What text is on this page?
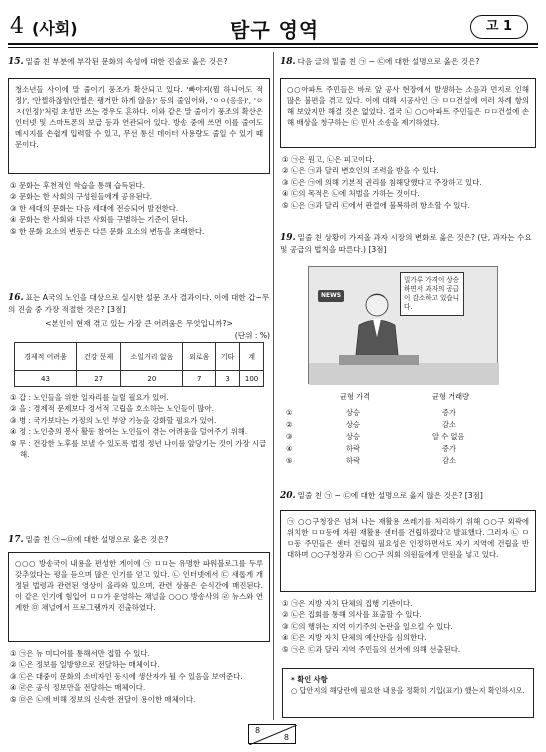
4 (사회)	탐구 영역	고 1
15. 밑줄 친 부분에 부각된 문화의 속성에 대한 진술로 옳은 것은?
청소년들 사이에 말 줄이기 풍조가 확산되고 있다. '빠야져(뭘 하니어도 적정)', '안쩔하잖함(안쩔은 팽거만 하게 않음)' 등의 줄임어와, 'ㅇㅇ(응응)', 'ㅇㅈ(인정)'처럼 초성만 쓰는 경우도 흔하다. 이와 같은 말 줄이기 풍조의 확산은 인터넷 및 스마트폰의 보급 등과 연관되어 있다. 방송 중에 쓰면 이를 줄여도 메시지를 손쉽게 입력할 수 있고, 무선 통신 데이터 사용량도 줄일 수 있기 때문이다.
① 문화는 후천적인 학습을 통해 습득된다.
② 문화는 한 사회의 구성원들에게 공유된다.
③ 한 세대의 문화는 다음 세대에 전승되어 발전한다.
④ 문화는 한 사회와 다른 사회를 구별하는 기준이 된다.
⑤ 한 문화 요소의 변동은 다른 문화 요소의 변동을 초래한다.
16. 표는 A국의 노인을 대상으로 실시한 설문 조사 결과이다. 이에 대한 갑~무의 진술 중 가장 적절한 것은? [3점]
<본인이 현재 겪고 있는 가장 큰 어려움은 무엇입니까?>
(단위 : %)
경제적 어려움	건강 문제	소일거리 없음	외로움	기타	계
43	27	20	7	3	100
① 갑 : 노인들을 위한 일자리를 늘릴 필요가 있어.
② 을 : 경제적 문제보다 정서적 고립을 호소하는 노인들이 많아.
③ 병 : 국가보다는 가정의 노인 부양 기능을 강화할 필요가 있어.
④ 정 : 노인층의 봉사 활동 참여는 노인들이 겪는 어려움을 덜어주기 위해.
⑤ 무 : 건강한 노후를 보낼 수 있도록 법정 정년 나이를 앞당기는 것이 가장 시급해.
17. 밑줄 친 ㉠~㉤에 대한 설명으로 옳은 것은?
○○○ 방송국이 내용을 편성한 게이에 ㉠ ㅁㅁ는 유명한 파워블로그를 두루 갖추었다는 평을 듣으며 많은 인기를 얻고 있다. ㉡ 인터넷에서 ㉢ 새롭게 개정된 법령과 관련된 영상이 올라와 있으며, 관련 상품은 순식간에 매진된다. 이 같은 인기에 힘입어 ㅁㅁ가 운영하는 채널을 ○○○ 방송사의 ㉣ 뉴스와 연계한 ㉤ 채널에서 프로그램까지 진출하였다.
① ㉠은 뉴 미디어를 통해서만 접할 수 있다.
② ㉡은 정보를 일방향으로 전달하는 매체이다.
③ ㉢은 대중이 문화의 소비자인 동시에 생산자가 될 수 있음을 보여준다.
④ ㉣은 공식 정보만을 전달하는 매체이다.
⑤ ㉤은 ㉡에 비해 정보의 신속한 전달이 용이한 매체이다.
18. 다음 글의 밑줄 친 ㉠ ~ ㉢에 대한 설명으로 옳은 것은?
○○아파트 주민들은 바로 앞 공사 현장에서 발생하는 소음과 먼지로 인해 많은 불편을 겪고 있다. 이에 대해 시공사인 ㉠ ㅁㅁ건설에 여러 차례 항의해 보았지만 해결 것은 없었다. 결국 ㉡ ○○아파트 주민들은 ㅁㅁ건설에 손해 배상을 청구하는 ㉢ 민사 소송을 제기하였다.
① ㉠은 원고, ㉡은 피고이다.
② ㉡은 ㉠과 달리 변호인의 조력을 받을 수 있다.
③ ㉢은 ㉠에 의해 기본적 권리를 침해당했다고 주장하고 있다.
④ ㉢의 목적은 ㉡에 처벌을 가하는 것이다.
⑤ ㉡은 ㉠과 달리 ㉢에서 판결에 불복하려 항소할 수 있다.
19. 밑줄 친 상황이 가져올 과자 시장의 변화로 옳은 것은? (단, 과자는 수요 및 공급의 법칙을 따른다.) [3점]
NEWS
밀가루 가격이 상승하면서 과자의 공급이 감소하고 있습니다.
균형 가격	균형 거래량
①	상승	증가
②	상승	감소
③	상승	알 수 없음
④	하락	증가
⑤	하락	감소
20. 밑줄 친 ㉠ ~ ㉢에 대한 설명으로 옳지 않은 것은? [3점]
㉠ ○○구청장은 넘쳐 나는 재활용 쓰레기를 처리하기 위해 ○○구 외곽에 위치한 ㅁㅁ동에 자원 재활용 센터를 건립하겠다고 발표했다. 그러자 ㉡ ㅁㅁ동 주민들은 센터 건립의 필요성은 인정하면서도 자기 지역에 건립을 반대하며 ○○구청장과 ㉢ ○○구 의회 의원들에게 민원을 넣고 있다.
① ㉠은 지방 자치 단체의 집행 기관이다.
② ㉡은 집회를 통해 의사를 표출할 수 있다.
③ ㉢의 행위는 지역 이기주의 논란을 일으킬 수 있다.
④ ㉢은 지방 자치 단체의 예산안을 심의한다.
⑤ ㉠은 ㉢과 달리 지역 주민들의 선거에 의해 선출된다.
* 확인 사항
○ 답안지의 해당란에 필요한 내용을 정확히 기입(표기) 했는지 확인하시오.
8
8
